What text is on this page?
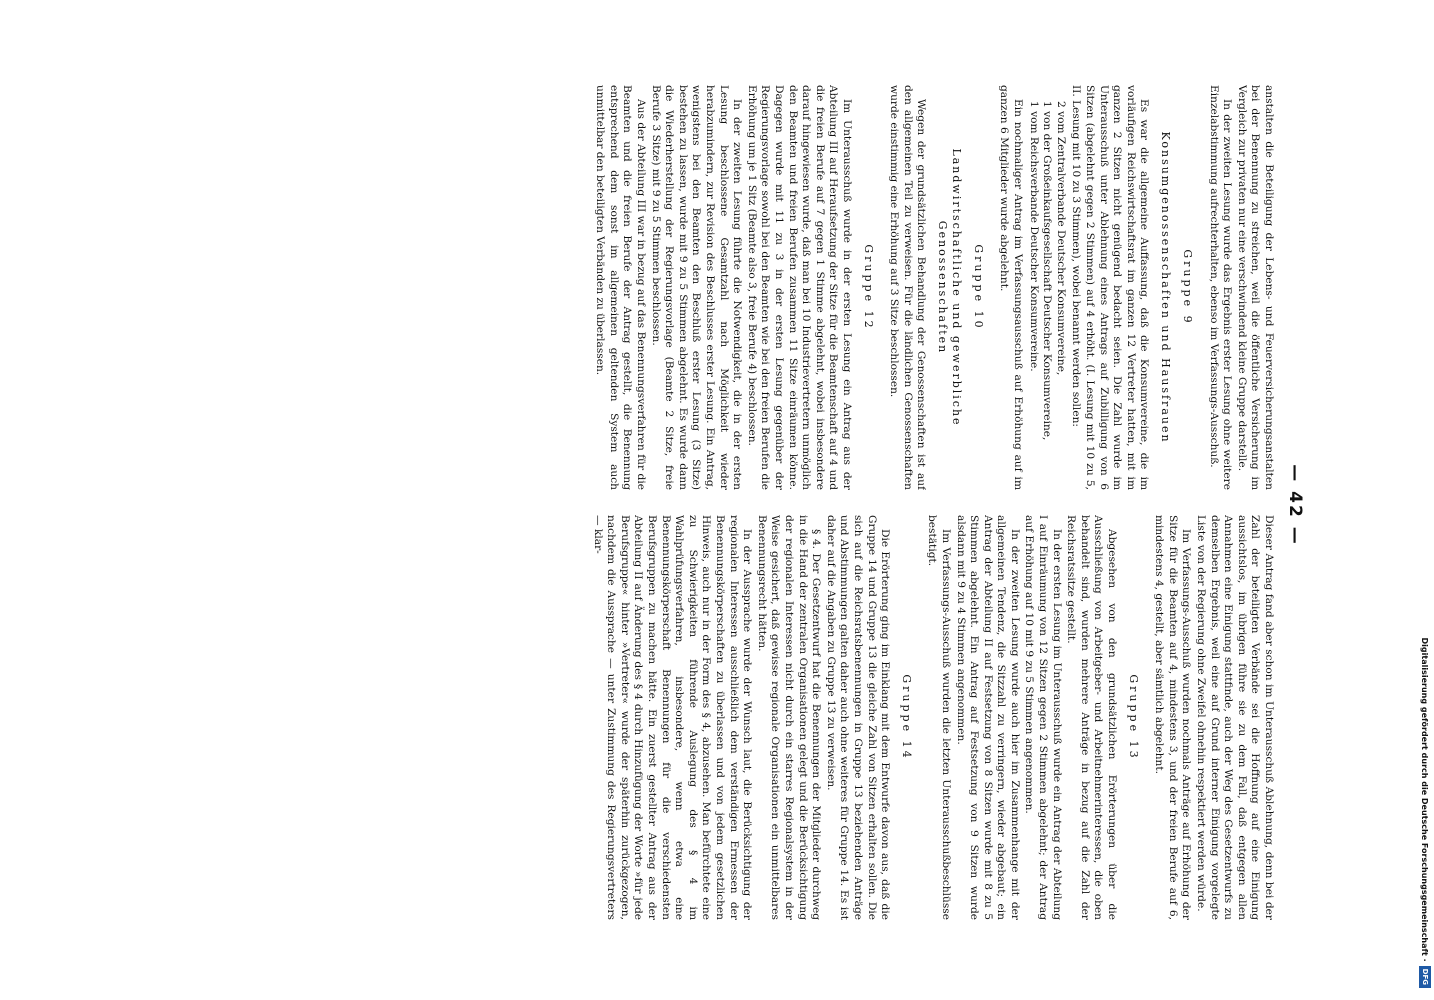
— 42 —

anstalten die Beteiligung der Lebens- und Feuerversicherungsanstalten bei der Benennung zu streichen, weil die öffentliche Versicherung im Vergleich zur privaten nur eine verschwindend kleine Gruppe darstelle.

In der zweiten Lesung wurde das Ergebnis erster Lesung ohne weitere Einzelabstimmung aufrechterhalten, ebenso im Verfassungs-Ausschuß.

Gruppe 9
Konsumgenossenschaften und Hausfrauen

Es war die allgemeine Auffassung, daß die Konsumvereine, die im vorläufigen Reichswirtschaftsrat im ganzen 12 Vertreter hatten, mit im ganzen 2 Sitzen nicht genügend bedacht seien. Die Zahl wurde im Unterausschuß unter Ablehnung eines Antrags auf Zubilligung von 6 Sitzen (abgelehnt gegen 2 Stimmen) auf 4 erhöht. (I. Lesung mit 10 zu 5, II. Lesung mit 10 zu 3 Stimmen), wobei benannt werden sollen:

2 vom Zentralverbande Deutscher Konsumvereine,
1 von der Großeinkaufsgesellschaft Deutscher Konsumvereine,
1 vom Reichsverbande Deutscher Konsumvereine.

Ein nochmaliger Antrag im Verfassungsausschuß auf Erhöhung auf im ganzen 6 Mitglieder wurde abgelehnt.

Gruppe 10
Landwirtschaftliche und gewerbliche Genossenschaften

Wegen der grundsätzlichen Behandlung der Genossenschaften ist auf den allgemeinen Teil zu verweisen. Für die ländlichen Genossenschaften wurde einstimmig eine Erhöhung auf 3 Sitze beschlossen.

Gruppe 12

Im Unterausschuß wurde in der ersten Lesung ein Antrag aus der Abteilung III auf Heraufsetzung der Sitze für die Beamtenschaft auf 4 und die freien Berufe auf 7 gegen 1 Stimme abgelehnt, wobei insbesondere darauf hingewiesen wurde, daß man bei 10 Industrievertretern unmöglich den Beamten und freien Berufen zusammen 11 Sitze einräumen könne. Dagegen wurde mit 11 zu 3 in der ersten Lesung gegenüber der Regierungsvorlage sowohl bei den Beamten wie bei den freien Berufen die Erhöhung um je 1 Sitz (Beamte also 3, freie Berufe 4) beschlossen.

In der zweiten Lesung führte die Notwendigkeit, die in der ersten Lesung beschlossene Gesamtzahl nach Möglichkeit wieder herabzumindern, zur Revision des Beschlusses erster Lesung. Ein Antrag, wenigstens bei den Beamten den Beschluß erster Lesung (3 Sitze) bestehen zu lassen, wurde mit 9 zu 5 Stimmen abgelehnt. Es wurde dann die Wiederherstellung der Regierungsvorlage (Beamte 2 Sitze, freie Berufe 3 Sitze) mit 9 zu 5 Stimmen beschlossen.

Aus der Abteilung III war in bezug auf das Benennungsverfahren für die Beamten und die freien Berufe der Antrag gestellt, die Benennung entsprechend dem sonst im allgemeinen geltenden System auch unmittelbar den beteiligten Verbänden zu überlassen.

Dieser Antrag fand aber schon im Unterausschuß Ablehnung, denn bei der Zahl der beteiligten Verbände sei die Hoffnung auf eine Einigung aussichtslos, im übrigen führe sie zu dem Fall, daß entgegen allen Annahmen eine Einigung stattfinde, auch der Weg des Gesetzentwurfs zu demselben Ergebnis, weil eine auf Grund interner Einigung vorgelegte Liste von der Regierung ohne Zweifel ohnehin respektiert werden würde.

Im Verfassungs-Ausschuß wurden nochmals Anträge auf Erhöhung der Sitze für die Beamten auf 4, mindestens 3, und der freien Berufe auf 6, mindestens 4, gestellt, aber sämtlich abgelehnt.

Gruppe 13

Abgesehen von den grundsätzlichen Erörterungen über die Ausschließung von Arbeitgeber- und Arbeitnehmerinteressen, die oben behandelt sind, wurden mehrere Anträge in bezug auf die Zahl der Reichsratssitze gestellt.

In der ersten Lesung im Unterausschuß wurde ein Antrag der Abteilung I auf Einräumung von 12 Sitzen gegen 2 Stimmen abgelehnt; der Antrag auf Erhöhung auf 10 mit 9 zu 5 Stimmen angenommen.

In der zweiten Lesung wurde auch hier im Zusammenhange mit der allgemeinen Tendenz, die Sitzzahl zu verringern, wieder abgebaut; ein Antrag der Abteilung II auf Festsetzung von 8 Sitzen wurde mit 8 zu 5 Stimmen abgelehnt. Ein Antrag auf Festsetzung von 9 Sitzen wurde alsdann mit 9 zu 4 Stimmen angenommen.

Im Verfassungs-Ausschuß wurden die letzten Unterausschußbeschlüsse bestätigt.

Gruppe 14

Die Erörterung ging im Einklang mit dem Entwurfe davon aus, daß die Gruppe 14 und Gruppe 13 die gleiche Zahl von Sitzen erhalten sollen. Die sich auf die Reichsratsbenennungen in Gruppe 13 beziehenden Anträge und Abstimmungen galten daher auch ohne weiteres für Gruppe 14. Es ist daher auf die Angaben zu Gruppe 13 zu verweisen.

§ 4. Der Gesetzentwurf hat die Benennungen der Mitglieder durchweg in die Hand der zentralen Organisationen gelegt und die Berücksichtigung der regionalen Interessen nicht durch ein starres Regionalsystem in der Weise gesichert, daß gewisse regionale Organisationen ein unmittelbares Benennungsrecht hätten.

In der Aussprache wurde der Wunsch laut, die Berücksichtigung der regionalen Interessen ausschließlich dem verständigen Ermessen der Benennungskörperschaften zu überlassen und von jedem gesetzlichen Hinweis, auch nur in der Form des § 4, abzusehen. Man befürchtete eine zu Schwierigkeiten führende Auslegung des § 4 im Wahlprüfungsverfahren, insbesondere, wenn etwa eine Benennungskörperschaft Benennungen für die verschiedensten Berufsgruppen zu machen hätte. Ein zuerst gestellter Antrag aus der Abteilung II auf Änderung des § 4 durch Hinzufügung der Worte »für jede Berufsgruppe« hinter »Vertreter« wurde der späterhin zurückgezogen, nachdem die Aussprache — unter Zustimmung des Regierungsvertreters — klar-

Digitalisierung gefördert durch die Deutsche Forschungsgemeinschaft ·
DFG
